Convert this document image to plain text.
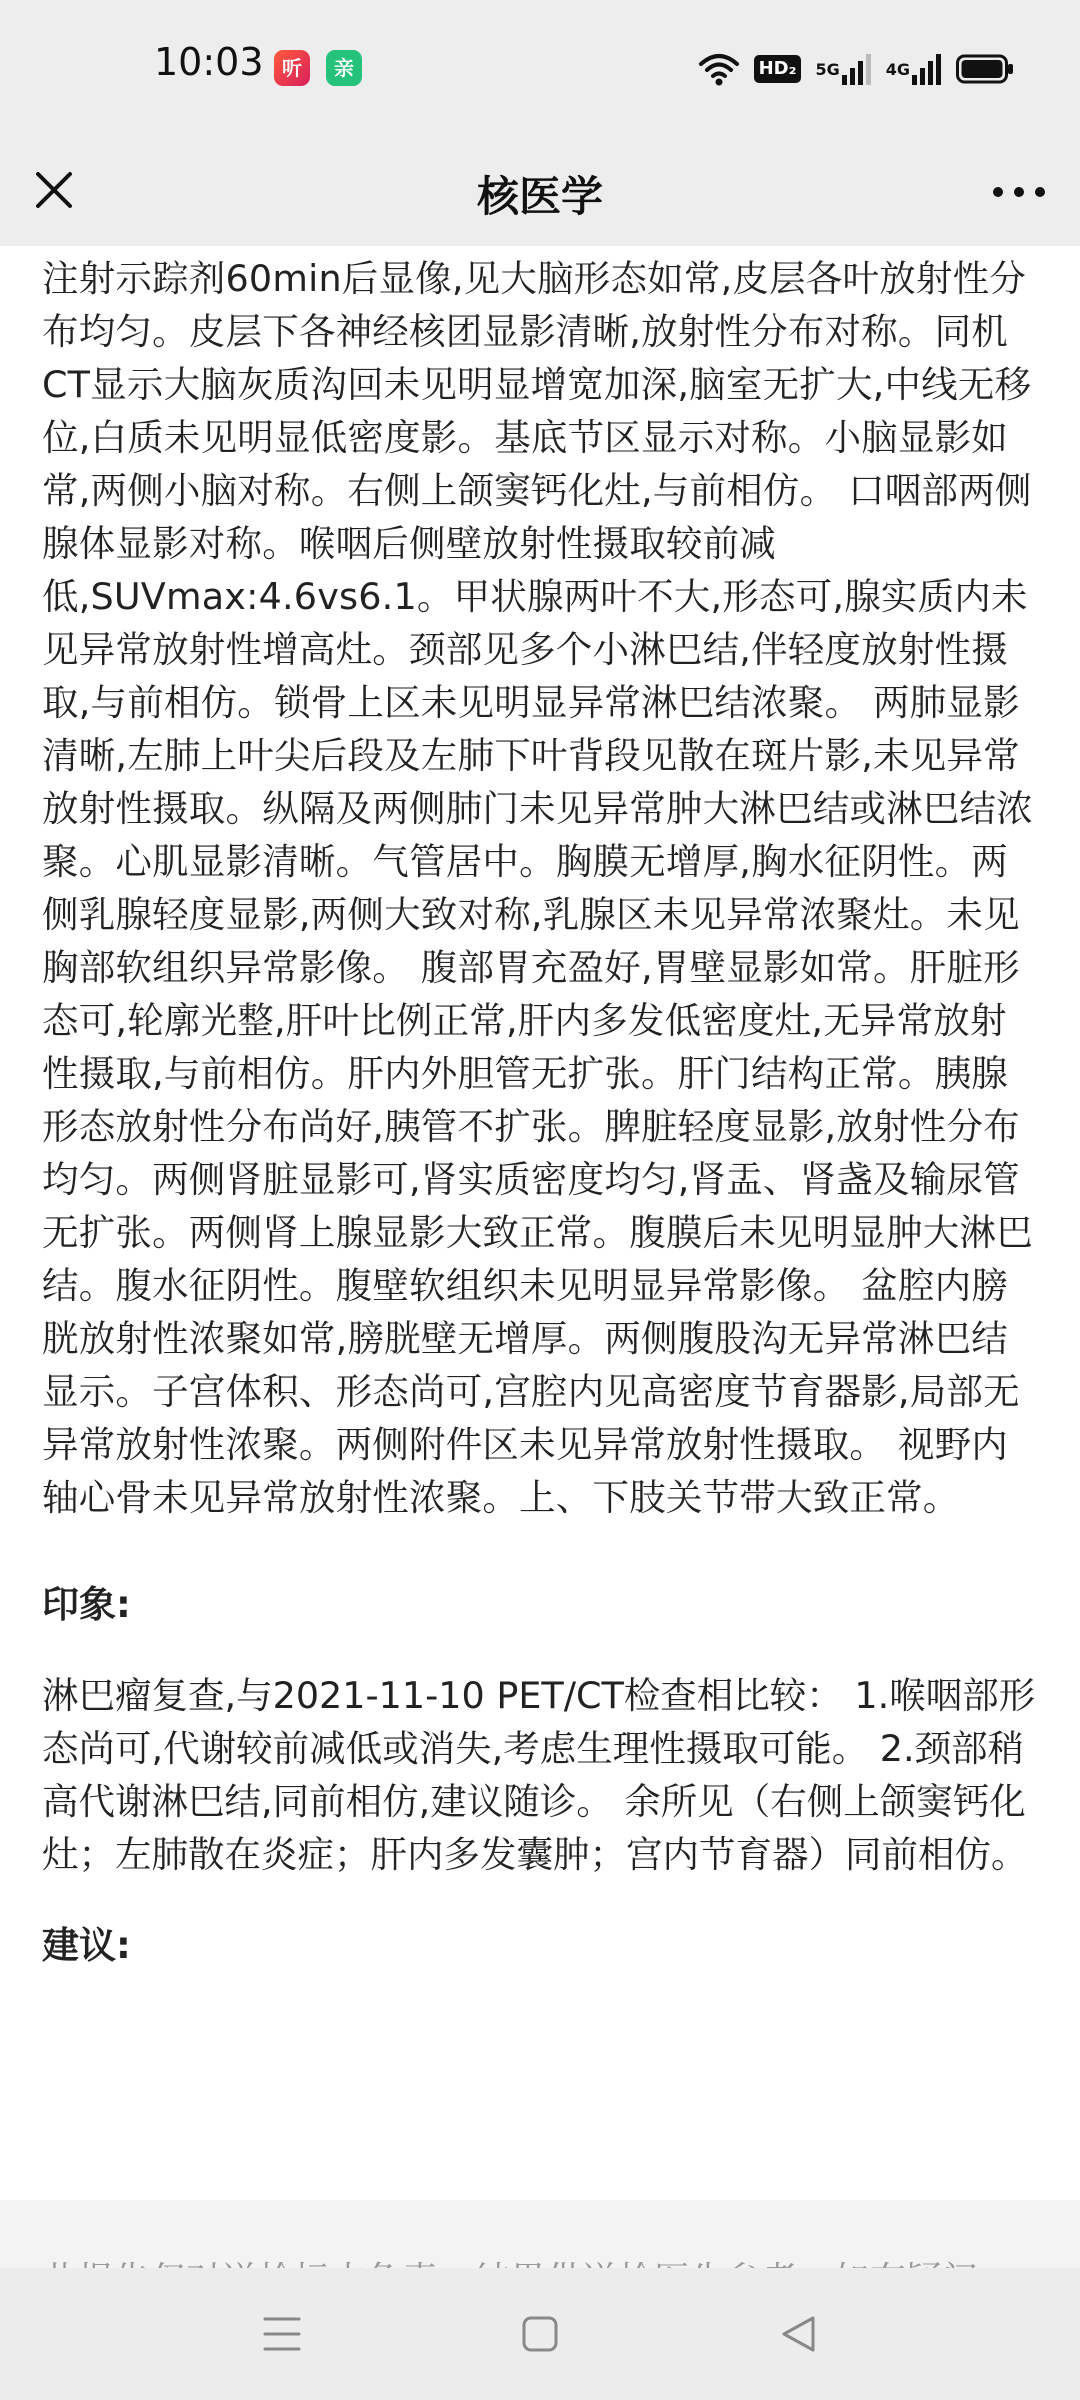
10:03 听	亲	HD₂	5G	4G
核医学

注射示踪剂60min后显像,见大脑形态如常,皮层各叶放射性分布均匀。皮层下各神经核团显影清晰,放射性分布对称。同机CT显示大脑灰质沟回未见明显增宽加深,脑室无扩大,中线无移位,白质未见明显低密度影。基底节区显示对称。小脑显影如常,两侧小脑对称。右侧上颌窦钙化灶,与前相仿。 口咽部两侧腺体显影对称。喉咽后侧壁放射性摄取较前减低,SUVmax:4.6vs6.1。甲状腺两叶不大,形态可,腺实质内未见异常放射性增高灶。颈部见多个小淋巴结,伴轻度放射性摄取,与前相仿。锁骨上区未见明显异常淋巴结浓聚。 两肺显影清晰,左肺上叶尖后段及左肺下叶背段见散在斑片影,未见异常放射性摄取。纵隔及两侧肺门未见异常肿大淋巴结或淋巴结浓聚。心肌显影清晰。气管居中。胸膜无增厚,胸水征阴性。两侧乳腺轻度显影,两侧大致对称,乳腺区未见异常浓聚灶。未见胸部软组织异常影像。 腹部胃充盈好,胃壁显影如常。肝脏形态可,轮廓光整,肝叶比例正常,肝内多发低密度灶,无异常放射性摄取,与前相仿。肝内外胆管无扩张。肝门结构正常。胰腺形态放射性分布尚好,胰管不扩张。脾脏轻度显影,放射性分布均匀。两侧肾脏显影可,肾实质密度均匀,肾盂、肾盏及输尿管无扩张。两侧肾上腺显影大致正常。腹膜后未见明显肿大淋巴结。腹水征阴性。腹壁软组织未见明显异常影像。 盆腔内膀胱放射性浓聚如常,膀胱壁无增厚。两侧腹股沟无异常淋巴结显示。子宫体积、形态尚可,宫腔内见高密度节育器影,局部无异常放射性浓聚。两侧附件区未见异常放射性摄取。 视野内轴心骨未见异常放射性浓聚。上、下肢关节带大致正常。

印象:

淋巴瘤复查,与2021-11-10 PET/CT检查相比较： 1.喉咽部形态尚可,代谢较前减低或消失,考虑生理性摄取可能。 2.颈部稍高代谢淋巴结,同前相仿,建议随诊。 余所见（右侧上颌窦钙化灶；左肺散在炎症；肝内多发囊肿；宫内节育器）同前相仿。

建议:
